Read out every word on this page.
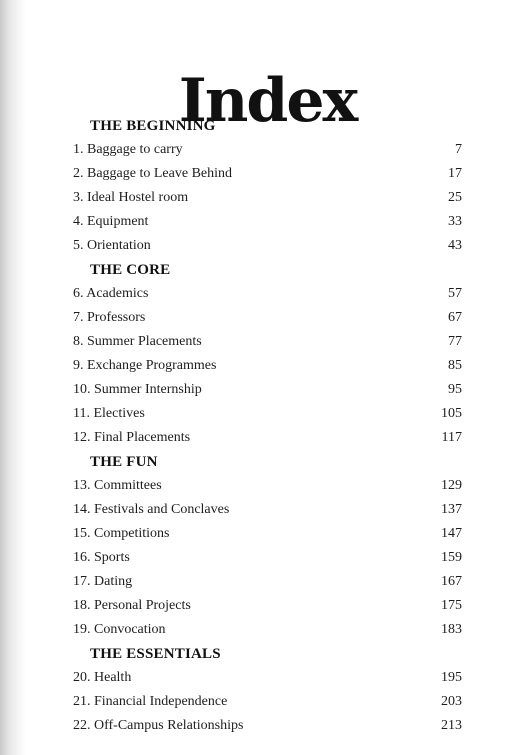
Index
THE BEGINNING
1. Baggage to carry	7
2. Baggage to Leave Behind	17
3. Ideal Hostel room	25
4. Equipment	33
5. Orientation	43
THE CORE
6. Academics	57
7. Professors	67
8. Summer Placements	77
9. Exchange Programmes	85
10. Summer Internship	95
11. Electives	105
12. Final Placements	117
THE FUN
13. Committees	129
14. Festivals and Conclaves	137
15. Competitions	147
16. Sports	159
17. Dating	167
18. Personal Projects	175
19. Convocation	183
THE ESSENTIALS
20. Health	195
21. Financial Independence	203
22. Off-Campus Relationships	213
